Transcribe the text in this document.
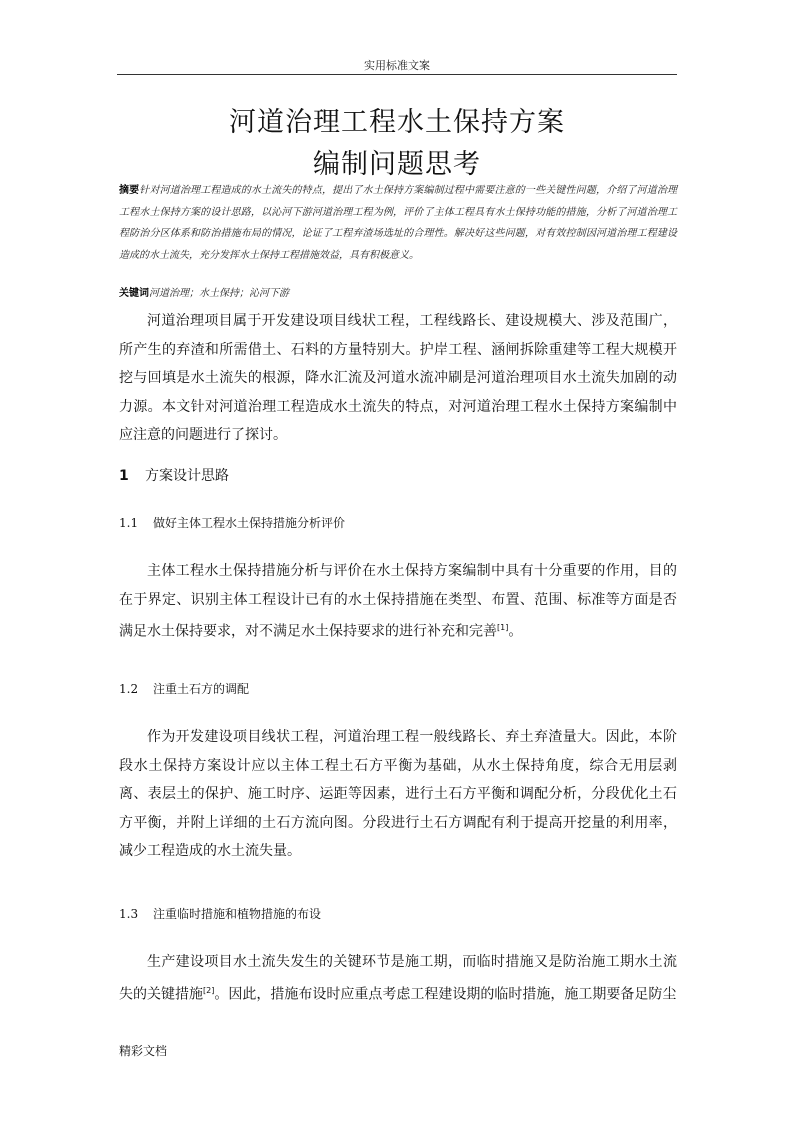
实用标准文案
河道治理工程水土保持方案
编制问题思考
摘要针对河道治理工程造成的水土流失的特点，提出了水土保持方案编制过程中需要注意的一些关键性问题，介绍了河道治理工程水土保持方案的设计思路，以沁河下游河道治理工程为例，评价了主体工程具有水土保持功能的措施，分析了河道治理工程防治分区体系和防治措施布局的情况，论证了工程弃渣场选址的合理性。解决好这些问题，对有效控制因河道治理工程建设造成的水土流失，充分发挥水土保持工程措施效益，具有积极意义。
关键词河道治理；水土保持；沁河下游
河道治理项目属于开发建设项目线状工程，工程线路长、建设规模大、涉及范围广，所产生的弃渣和所需借土、石料的方量特别大。护岸工程、涵闸拆除重建等工程大规模开挖与回填是水土流失的根源，降水汇流及河道水流冲刷是河道治理项目水土流失加剧的动力源。本文针对河道治理工程造成水土流失的特点，对河道治理工程水土保持方案编制中应注意的问题进行了探讨。
1 方案设计思路
1.1 做好主体工程水土保持措施分析评价
主体工程水土保持措施分析与评价在水土保持方案编制中具有十分重要的作用，目的在于界定、识别主体工程设计已有的水土保持措施在类型、布置、范围、标准等方面是否满足水土保持要求，对不满足水土保持要求的进行补充和完善[1]。
1.2 注重土石方的调配
作为开发建设项目线状工程，河道治理工程一般线路长、弃土弃渣量大。因此，本阶段水土保持方案设计应以主体工程土石方平衡为基础，从水土保持角度，综合无用层剥离、表层土的保护、施工时序、运距等因素，进行土石方平衡和调配分析，分段优化土石方平衡，并附上详细的土石方流向图。分段进行土石方调配有利于提高开挖量的利用率，减少工程造成的水土流失量。
1.3 注重临时措施和植物措施的布设
生产建设项目水土流失发生的关键环节是施工期，而临时措施又是防治施工期水土流失的关键措施[2]。因此，措施布设时应重点考虑工程建设期的临时措施，施工期要备足防尘
精彩文档
